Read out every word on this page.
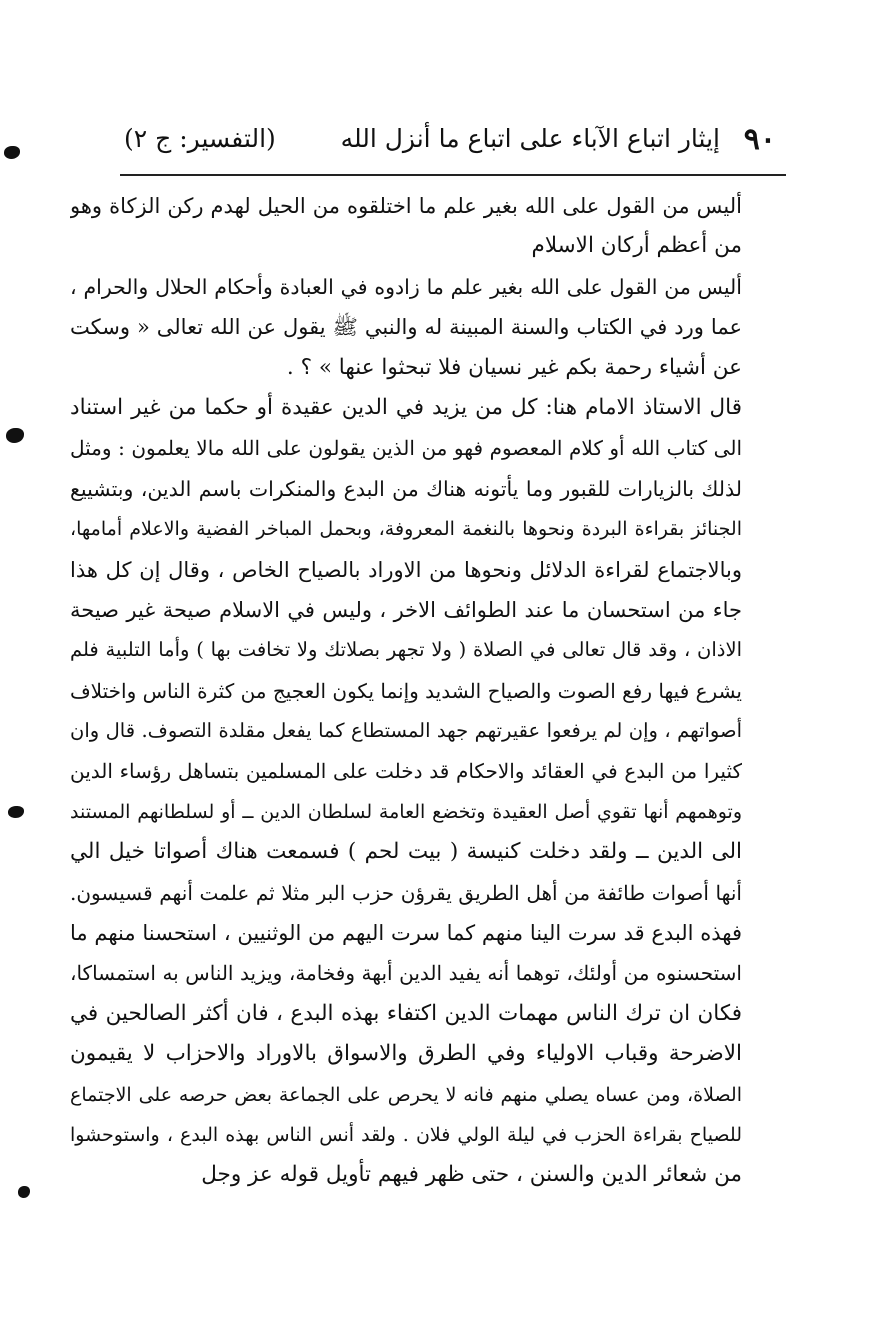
٩٠
إيثار اتباع الآباء على اتباع ما أنزل الله
(التفسير: ج ٢)
أليس من القول على الله بغير علم ما اختلقوه من الحيل لهدم ركن الزكاة وهو
من أعظم أركان الاسلام
أليس من القول على الله بغير علم ما زادوه في العبادة وأحكام الحلال والحرام ،
عما ورد في الكتاب والسنة المبينة له والنبي ﷺ يقول عن الله تعالى « وسكت
عن أشياء رحمة بكم غير نسيان فلا تبحثوا عنها » ؟ .
قال الاستاذ الامام هنا: كل من يزيد في الدين عقيدة أو حكما من غير استناد
الى كتاب الله أو كلام المعصوم فهو من الذين يقولون على الله مالا يعلمون : ومثل
لذلك بالزيارات للقبور وما يأتونه هناك من البدع والمنكرات باسم الدين، وبتشييع
الجنائز بقراءة البردة ونحوها بالنغمة المعروفة، وبحمل المباخر الفضية والاعلام أمامها،
وبالاجتماع لقراءة الدلائل ونحوها من الاوراد بالصياح الخاص ، وقال إن كل هذا
جاء من استحسان ما عند الطوائف الاخر ، وليس في الاسلام صيحة غير صيحة
الاذان ، وقد قال تعالى في الصلاة ( ولا تجهر بصلاتك ولا تخافت بها ) وأما التلبية فلم
يشرع فيها رفع الصوت والصياح الشديد وإنما يكون العجيج من كثرة الناس واختلاف
أصواتهم ، وإن لم يرفعوا عقيرتهم جهد المستطاع كما يفعل مقلدة التصوف. قال وان
كثيرا من البدع في العقائد والاحكام قد دخلت على المسلمين بتساهل رؤساء الدين
وتوهمهم أنها تقوي أصل العقيدة وتخضع العامة لسلطان الدين ــ أو لسلطانهم المستند
الى الدين ــ ولقد دخلت كنيسة ( بيت لحم ) فسمعت هناك أصواتا خيل الي
أنها أصوات طائفة من أهل الطريق يقرؤن حزب البر مثلا ثم علمت أنهم قسيسون.
فهذه البدع قد سرت الينا منهم كما سرت اليهم من الوثنيين ، استحسنا منهم ما
استحسنوه من أولئك، توهما أنه يفيد الدين أبهة وفخامة، ويزيد الناس به استمساكا،
فكان ان ترك الناس مهمات الدين اكتفاء بهذه البدع ، فان أكثر الصالحين في
الاضرحة وقباب الاولياء وفي الطرق والاسواق بالاوراد والاحزاب لا يقيمون
الصلاة، ومن عساه يصلي منهم فانه لا يحرص على الجماعة بعض حرصه على الاجتماع
للصياح بقراءة الحزب في ليلة الولي فلان . ولقد أنس الناس بهذه البدع ، واستوحشوا
من شعائر الدين والسنن ، حتى ظهر فيهم تأويل قوله عز وجل
